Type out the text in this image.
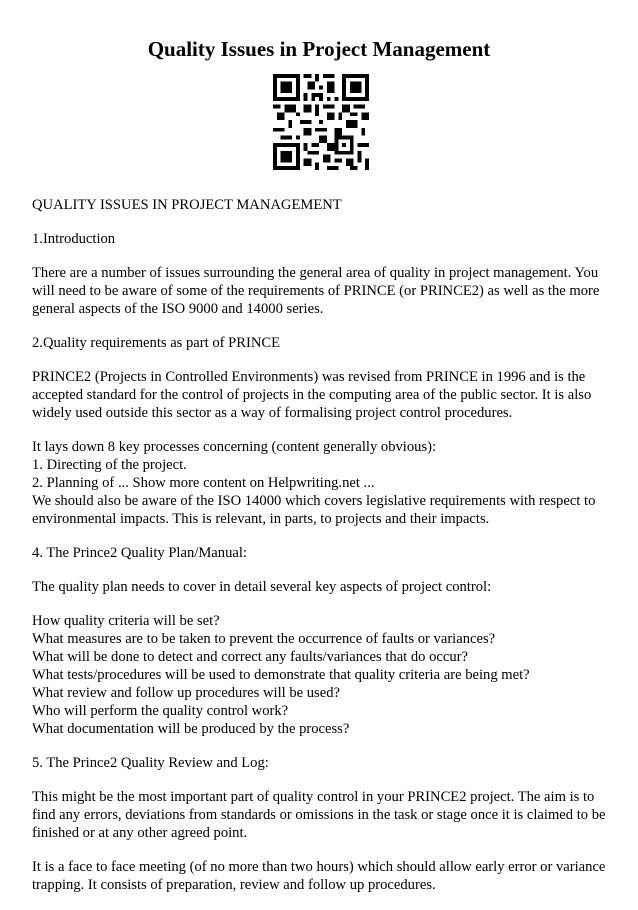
Quality Issues in Project Management

QUALITY ISSUES IN PROJECT MANAGEMENT

1.Introduction

There are a number of issues surrounding the general area of quality in project management. You
will need to be aware of some of the requirements of PRINCE (or PRINCE2) as well as the more
general aspects of the ISO 9000 and 14000 series.

2.Quality requirements as part of PRINCE

PRINCE2 (Projects in Controlled Environments) was revised from PRINCE in 1996 and is the
accepted standard for the control of projects in the computing area of the public sector. It is also
widely used outside this sector as a way of formalising project control procedures.

It lays down 8 key processes concerning (content generally obvious):
1. Directing of the project.
2. Planning of ... Show more content on Helpwriting.net ...
We should also be aware of the ISO 14000 which covers legislative requirements with respect to
environmental impacts. This is relevant, in parts, to projects and their impacts.

4. The Prince2 Quality Plan/Manual:

The quality plan needs to cover in detail several key aspects of project control:

How quality criteria will be set?
What measures are to be taken to prevent the occurrence of faults or variances?
What will be done to detect and correct any faults/variances that do occur?
What tests/procedures will be used to demonstrate that quality criteria are being met?
What review and follow up procedures will be used?
Who will perform the quality control work?
What documentation will be produced by the process?

5. The Prince2 Quality Review and Log:

This might be the most important part of quality control in your PRINCE2 project. The aim is to
find any errors, deviations from standards or omissions in the task or stage once it is claimed to be
finished or at any other agreed point.

It is a face to face meeting (of no more than two hours) which should allow early error or variance
trapping. It consists of preparation, review and follow up procedures.
